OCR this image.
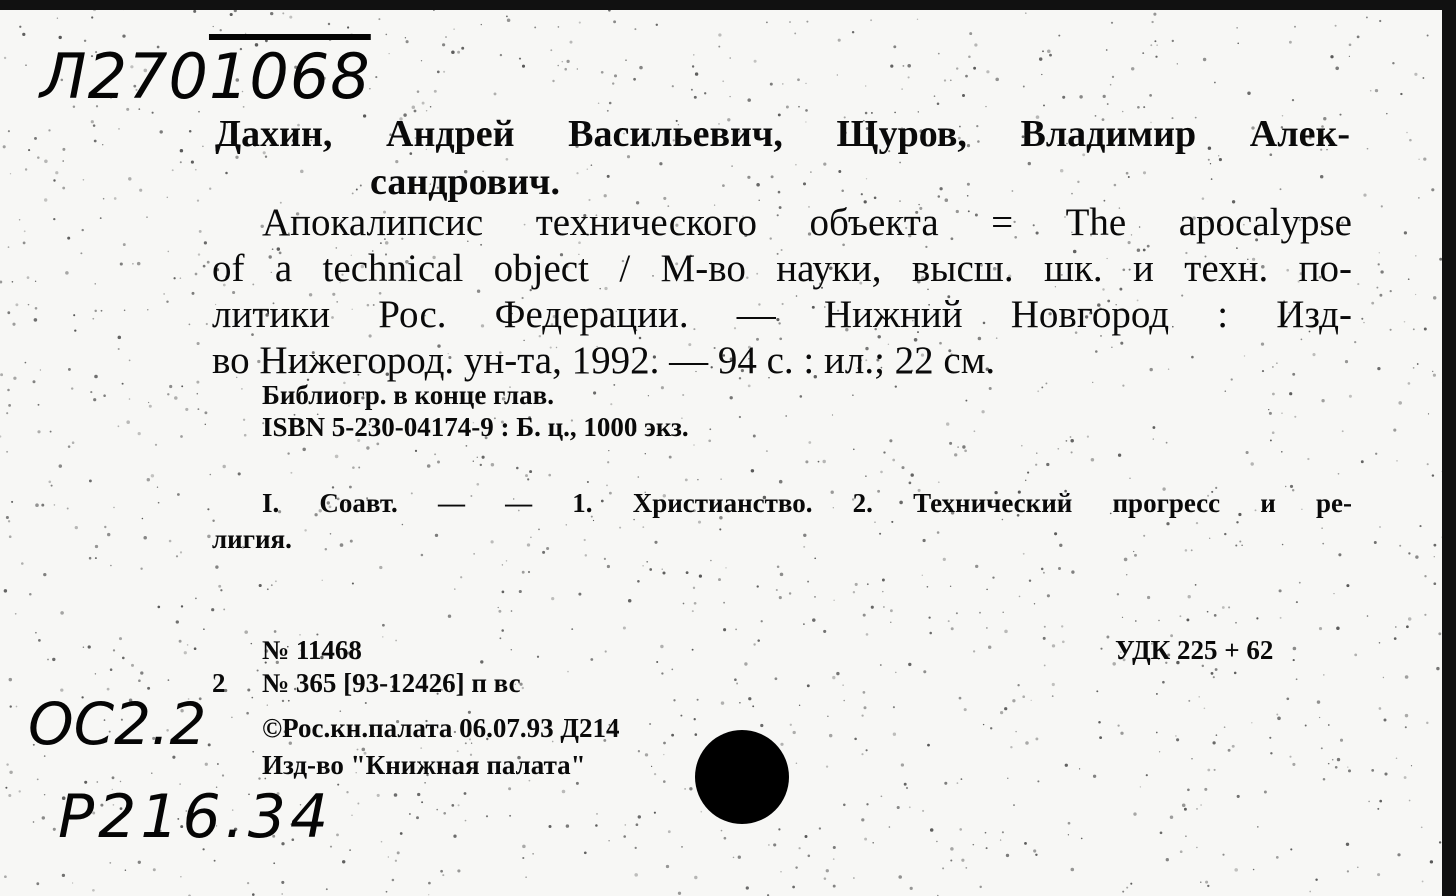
Л2701068
Дахин, Андрей Васильевич, Щуров, Владимир Алек-
сандрович.
Апокалипсис технического объекта = The apocalypse
of a technical object / М-во науки, высш. шк. и техн. по-
литики Рос. Федерации. — Нижний Новгород : Изд-
во Нижегород. ун-та, 1992. — 94 с. : ил.; 22 см.
Библиогр. в конце глав.
ISBN 5-230-04174-9 : Б. ц., 1000 экз.
I. Соавт. — — 1. Христианство. 2. Технический прогресс и ре-
лигия.
№ 11468	УДК 225 + 62
2 № 365 [93-12426] п вс
©Рос.кн.палата 06.07.93 Д214
Изд-во "Книжная палата"
ОС2.2
Р216.34
